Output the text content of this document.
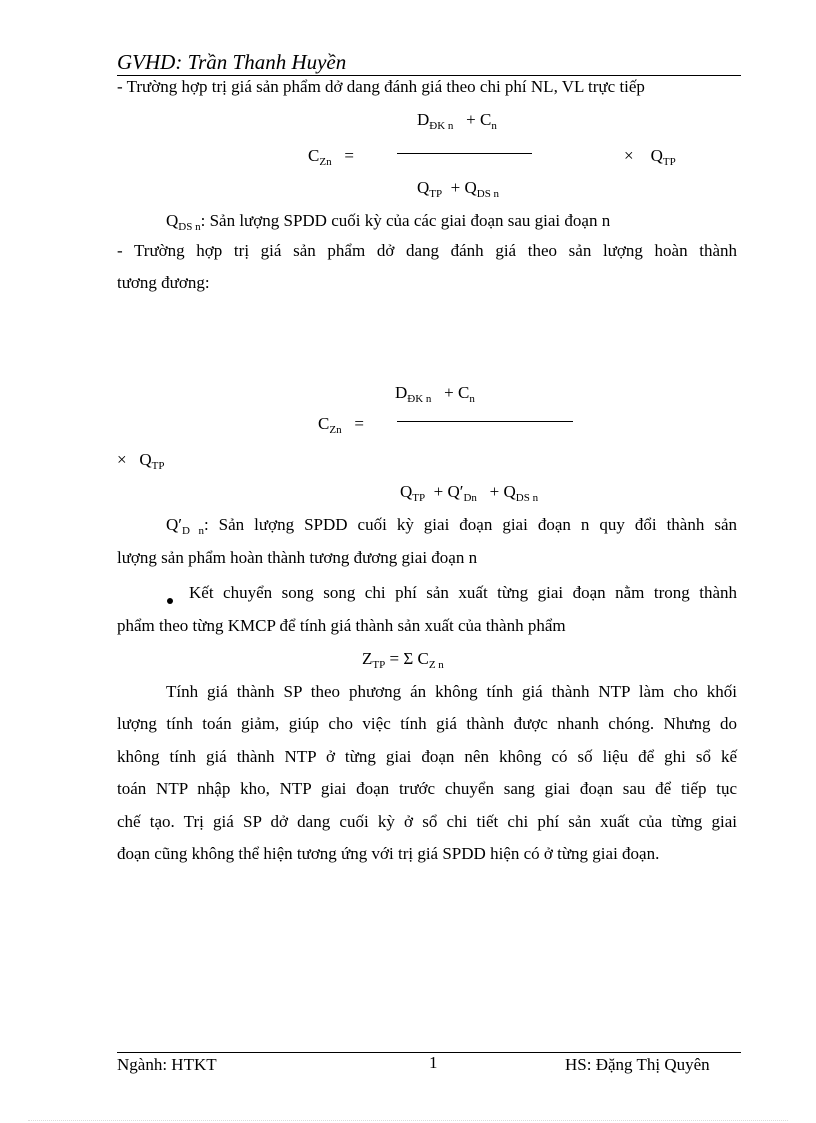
GVHD: Trần Thanh Huyền
- Trường hợp trị giá sản phẩm dở dang đánh giá theo chi phí NL, VL trực tiếp
$D_{ĐK n} + C_n$
$C_{Zn}$ =	× $Q_{TP}$
$Q_{TP} + Q_{DS n}$
$Q_{DS n}$: Sản lượng SPDD cuối kỳ của các giai đoạn sau giai đoạn n
- Trường hợp trị giá sản phẩm dở dang đánh giá theo sản lượng hoàn thành
tương đương:
$D_{ĐK n} + C_n$
$C_{Zn}$ =
× $Q_{TP}$
$Q_{TP} + Q'_{Dn} + Q_{DS n}$
$Q'_{D n}$: Sản lượng SPDD cuối kỳ giai đoạn giai đoạn n quy đổi thành sản
lượng sản phẩm hoàn thành tương đương giai đoạn n
Kết chuyển song song chi phí sản xuất từng giai đoạn nằm trong thành
phẩm theo từng KMCP để tính giá thành sản xuất của thành phẩm
$Z_{TP} = \Sigma$ $C_{Z n}$
Tính giá thành SP theo phương án không tính giá thành NTP làm cho khối
lượng tính toán giảm, giúp cho việc tính giá thành được nhanh chóng. Nhưng do
không tính giá thành NTP ở từng giai đoạn nên không có số liệu để ghi sổ kế
toán NTP nhập kho, NTP giai đoạn trước chuyển sang giai đoạn sau để tiếp tục
chế tạo. Trị giá SP dở dang cuối kỳ ở sổ chi tiết chi phí sản xuất của từng giai
đoạn cũng không thể hiện tương ứng với trị giá SPDD hiện có ở từng giai đoạn.
Ngành: HTKT	1	HS: Đặng Thị Quyên
